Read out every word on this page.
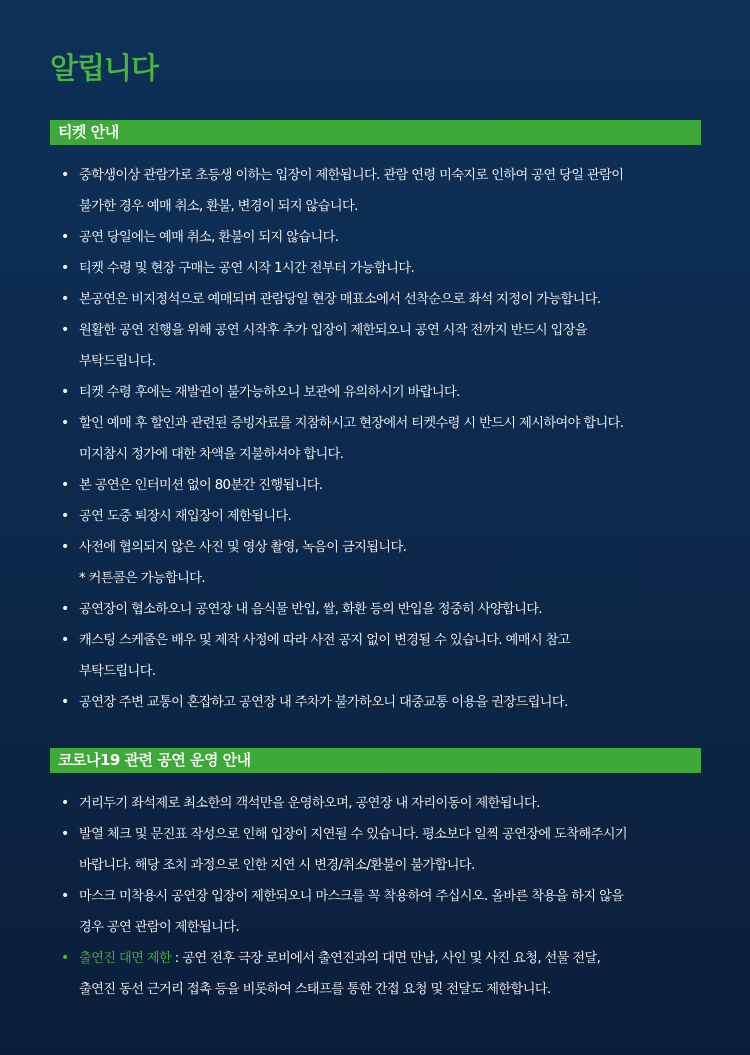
알립니다
티켓 안내
• 중학생이상 관람가로 초등생 이하는 입장이 제한됩니다. 관람 연령 미숙지로 인하여 공연 당일 관람이
불가한 경우 예매 취소, 환불, 변경이 되지 않습니다.
• 공연 당일에는 예매 취소, 환불이 되지 않습니다.
• 티켓 수령 및 현장 구매는 공연 시작 1시간 전부터 가능합니다.
• 본공연은 비지정석으로 예매되며 관람당일 현장 매표소에서 선착순으로 좌석 지정이 가능합니다.
• 원활한 공연 진행을 위해 공연 시작후 추가 입장이 제한되오니 공연 시작 전까지 반드시 입장을
부탁드립니다.
• 티켓 수령 후에는 재발권이 불가능하오니 보관에 유의하시기 바랍니다.
• 할인 예매 후 할인과 관련된 증빙자료를 지참하시고 현장에서 티켓수령 시 반드시 제시하여야 합니다.
미지참시 정가에 대한 차액을 지불하셔야 합니다.
• 본 공연은 인터미션 없이 80분간 진행됩니다.
• 공연 도중 퇴장시 재입장이 제한됩니다.
• 사전에 협의되지 않은 사진 및 영상 촬영, 녹음이 금지됩니다.
* 커튼콜은 가능합니다.
• 공연장이 협소하오니 공연장 내 음식물 반입, 쌀, 화환 등의 반입을 정중히 사양합니다.
• 캐스팅 스케줄은 배우 및 제작 사정에 따라 사전 공지 없이 변경될 수 있습니다. 예매시 참고
부탁드립니다.
• 공연장 주변 교통이 혼잡하고 공연장 내 주차가 불가하오니 대중교통 이용을 권장드립니다.
코로나19 관련 공연 운영 안내
• 거리두기 좌석제로 최소한의 객석만을 운영하오며, 공연장 내 자리이동이 제한됩니다.
• 발열 체크 및 문진표 작성으로 인해 입장이 지연될 수 있습니다. 평소보다 일찍 공연장에 도착해주시기
바랍니다. 해당 조치 과정으로 인한 지연 시 변경/취소/환불이 불가합니다.
• 마스크 미착용시 공연장 입장이 제한되오니 마스크를 꼭 착용하여 주십시오. 올바른 착용을 하지 않을
경우 공연 관람이 제한됩니다.
• 출연진 대면 제한 : 공연 전후 극장 로비에서 출연진과의 대면 만남, 사인 및 사진 요청, 선물 전달,
출연진 동선 근거리 접촉 등을 비롯하여 스태프를 통한 간접 요청 및 전달도 제한합니다.
